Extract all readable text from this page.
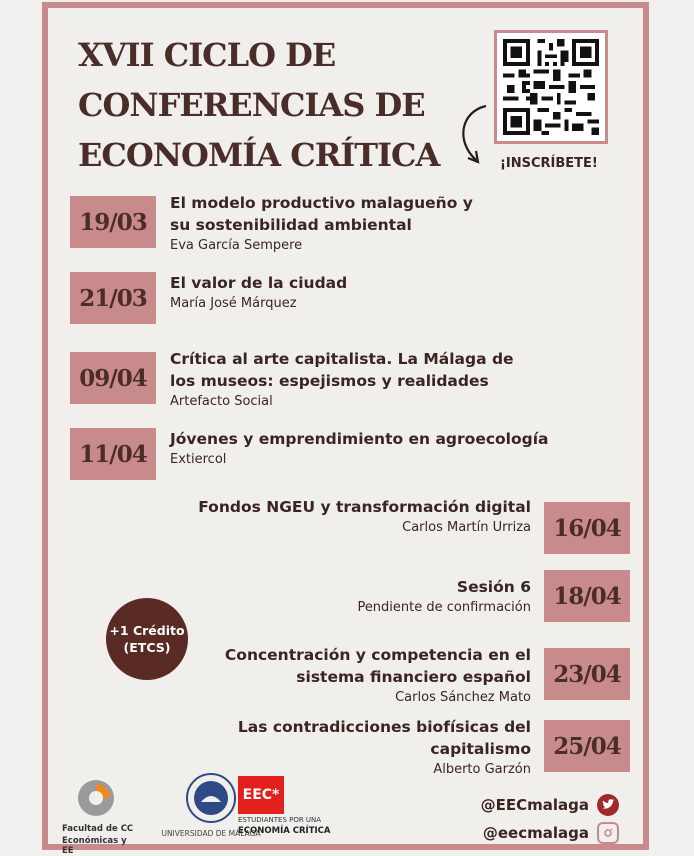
XVII CICLO DE
CONFERENCIAS DE
ECONOMÍA CRÍTICA	¡INSCRÍBETE!
19/03
El modelo productivo malagueño y
su sostenibilidad ambiental
Eva García Sempere
21/03
El valor de la ciudad
María José Márquez
09/04
Crítica al arte capitalista. La Málaga de
los museos: espejismos y realidades
Artefacto Social
11/04
Jóvenes y emprendimiento en agroecología
Extiercol
Fondos NGEU y transformación digital
Carlos Martín Urriza 16/04
Sesión 6
Pendiente de confirmación 18/04
Concentración y competencia en el
sistema financiero español
Carlos Sánchez Mato
23/04
Las contradicciones biofísicas del
capitalismo
Alberto Garzón
25/04
+1 Crédito
(ETCS)
Facultad de CC
Económicas y EE
UNIVERSIDAD DE MÁLAGA
EEC*
ESTUDIANTES POR UNA
ECONOMÍA CRÍTICA
@EECmalaga
@eecmalaga
